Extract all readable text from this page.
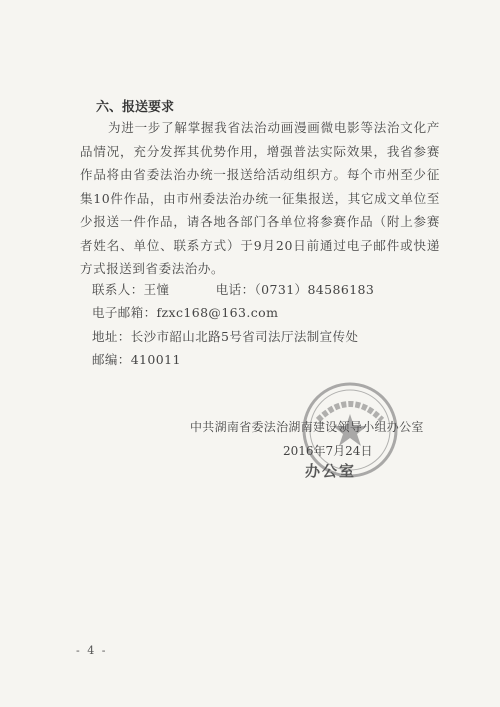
六、报送要求
为进一步了解掌握我省法治动画漫画微电影等法治文化产品情况，充分发挥其优势作用，增强普法实际效果，我省参赛作品将由省委法治办统一报送给活动组织方。每个市州至少征集10件作品，由市州委法治办统一征集报送，其它成文单位至少报送一件作品，请各地各部门各单位将参赛作品（附上参赛者姓名、单位、联系方式）于9月20日前通过电子邮件或快递方式报送到省委法治办。
联系人：王憧	电话：（0731）84586183
电子邮箱：fzxc168@163.com
地址：长沙市韶山北路5号省司法厅法制宣传处
邮编：410011
中共湖南省委法治湖南建设领导小组办公室
2016年7月24日
办公室
- 4 -
